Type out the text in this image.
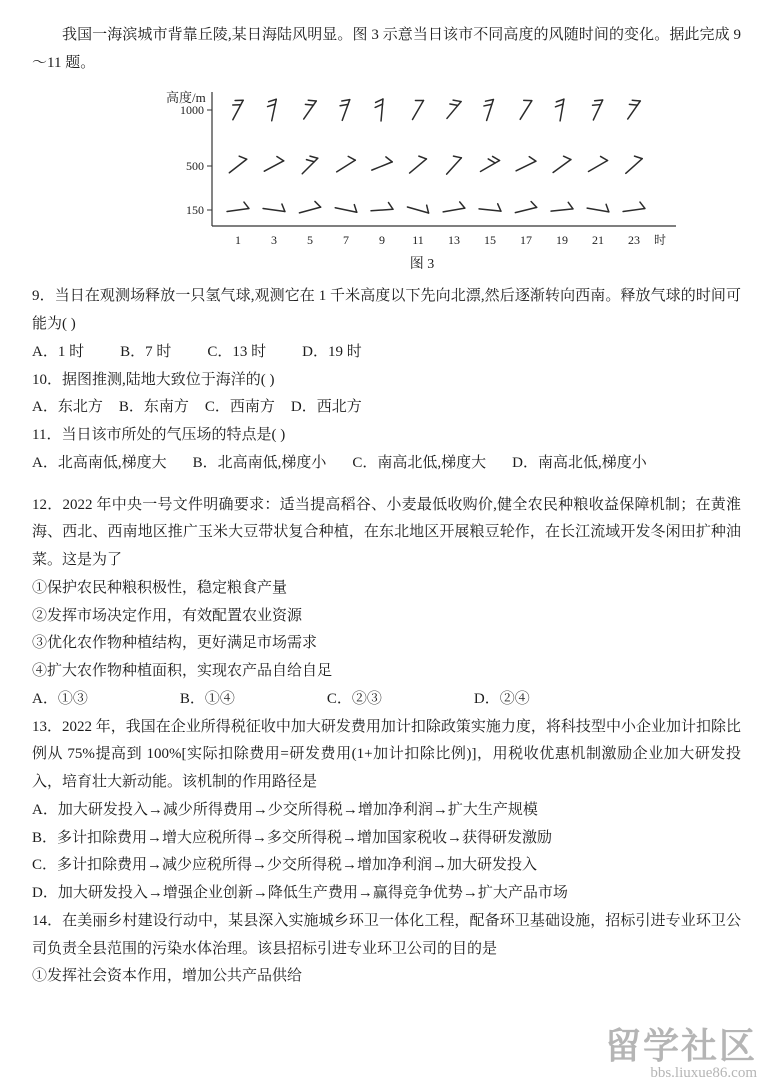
我国一海滨城市背靠丘陵,某日海陆风明显。图 3 示意当日该市不同高度的风随时间的变化。据此完成 9～11 题。

高度/m
1000
500
150
1	3	5	7	9 11 13 15 17 19 21 23 时
图 3

9．当日在观测场释放一只氢气球,观测它在 1 千米高度以下先向北漂,然后逐渐转向西南。释放气球的时间可能为( )

A．1 时 B．7 时 C．13 时 D．19 时

10．据图推测,陆地大致位于海洋的( )

A．东北方 B．东南方 C．西南方 D．西北方

11．当日该市所处的气压场的特点是( )

A．北高南低,梯度大 B．北高南低,梯度小 C．南高北低,梯度大 D．南高北低,梯度小

12．2022 年中央一号文件明确要求：适当提高稻谷、小麦最低收购价,健全农民种粮收益保障机制；在黄淮海、西北、西南地区推广玉米大豆带状复合种植，在东北地区开展粮豆轮作，在长江流域开发冬闲田扩种油菜。这是为了

①保护农民种粮积极性，稳定粮食产量

②发挥市场决定作用，有效配置农业资源

③优化农作物种植结构，更好满足市场需求

④扩大农作物种植面积，实现农产品自给自足

A．①③	B．①④	C．②③	D．②④

13．2022 年，我国在企业所得税征收中加大研发费用加计扣除政策实施力度，将科技型中小企业加计扣除比例从 75%提高到 100%[实际扣除费用=研发费用(1+加计扣除比例)]，用税收优惠机制激励企业加大研发投入，培育壮大新动能。该机制的作用路径是

A．加大研发投入→减少所得费用→少交所得税→增加净利润→扩大生产规模

B．多计扣除费用→增大应税所得→多交所得税→增加国家税收→获得研发激励

C．多计扣除费用→减少应税所得→少交所得税→增加净利润→加大研发投入

D．加大研发投入→增强企业创新→降低生产费用→赢得竞争优势→扩大产品市场

14．在美丽乡村建设行动中，某县深入实施城乡环卫一体化工程，配备环卫基础设施，招标引进专业环卫公司负责全县范围的污染水体治理。该县招标引进专业环卫公司的目的是

①发挥社会资本作用，增加公共产品供给

留学社区
bbs.liuxue86.com
